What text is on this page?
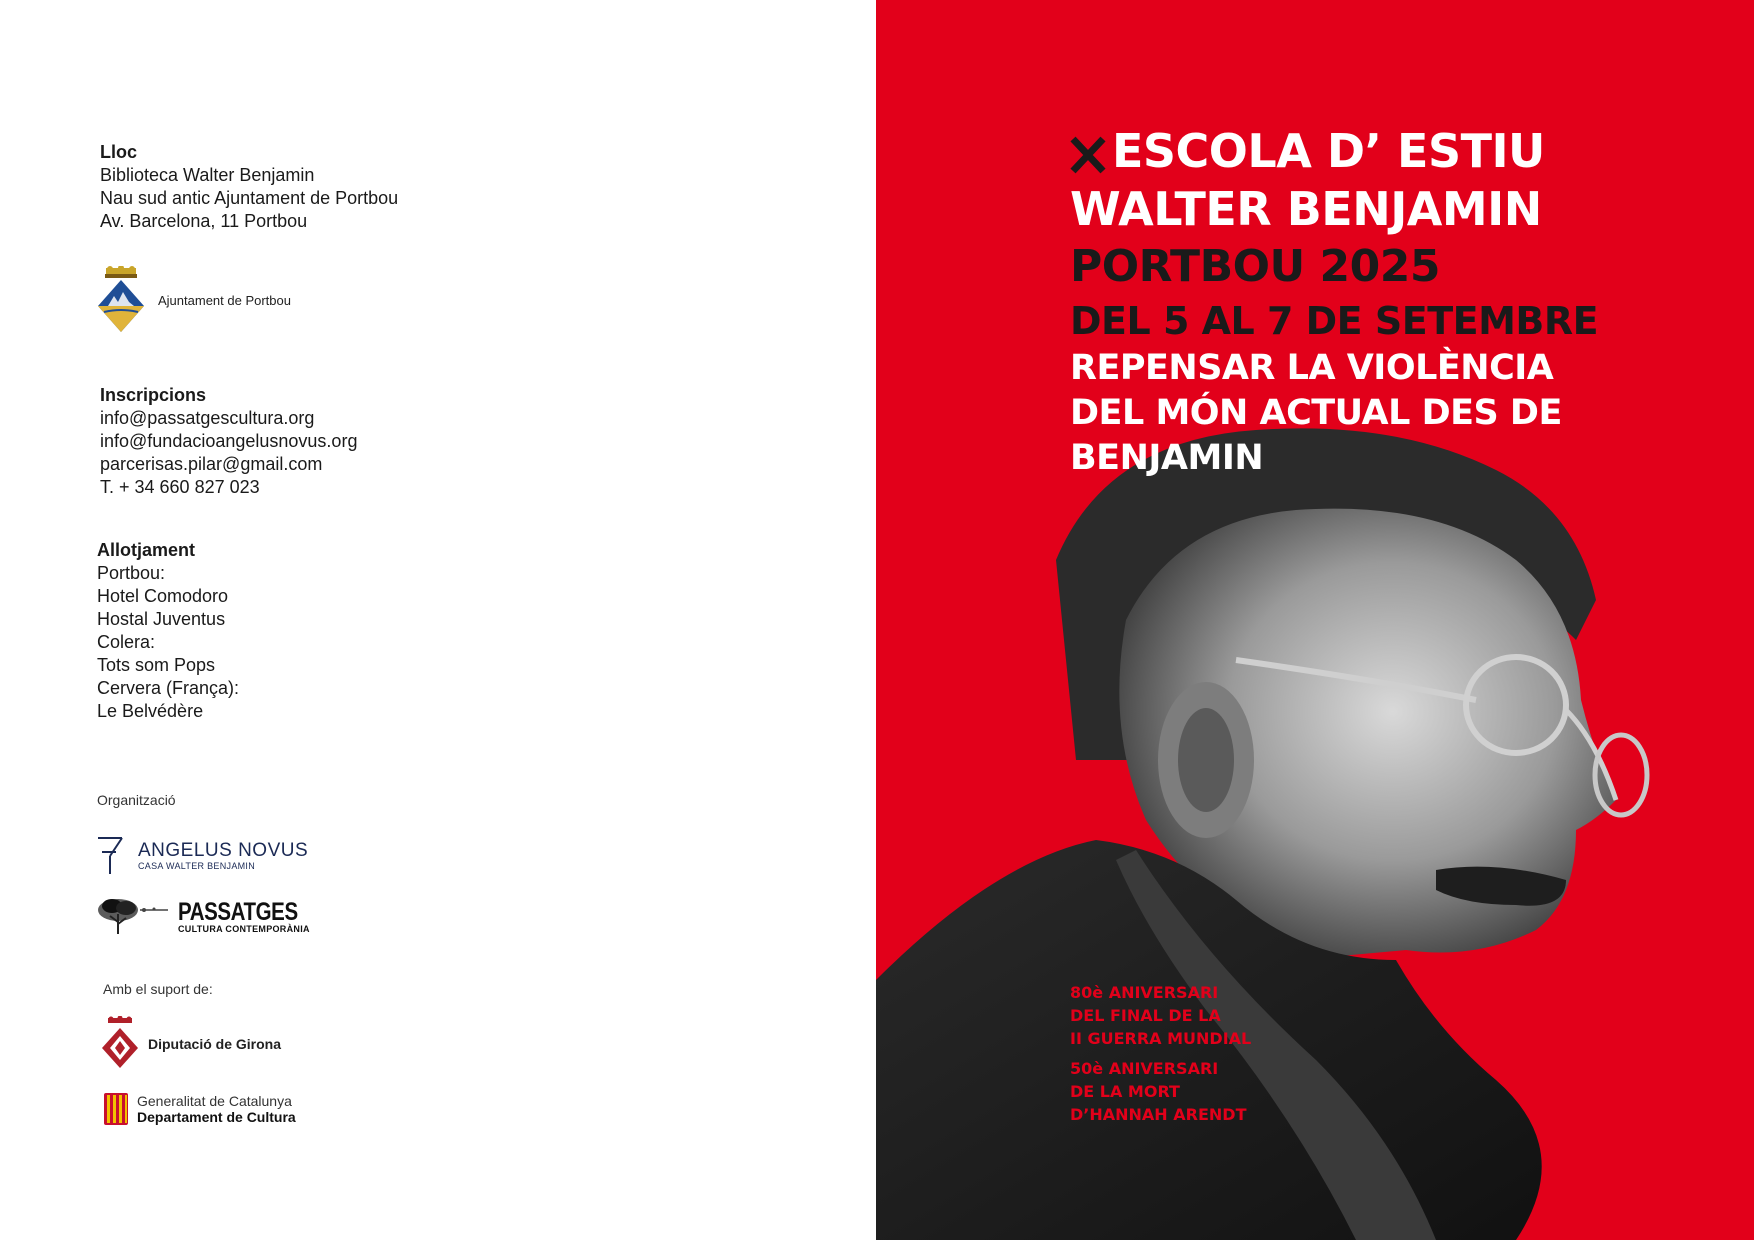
Lloc
Biblioteca Walter Benjamin
Nau sud antic Ajuntament de Portbou
Av. Barcelona, 11 Portbou
Ajuntament de Portbou
Inscripcions
info@passatgescultura.org
info@fundacioangelusnovus.org
parcerisas.pilar@gmail.com
T. + 34 660 827 023
Allotjament
Portbou:
Hotel Comodoro
Hostal Juventus
Colera:
Tots som Pops
Cervera (França):
Le Belvédère
Organització
ANGELUS NOVUS
CASA WALTER BENJAMIN
PASSATGES
CULTURA CONTEMPORÀNIA
Amb el suport de:
Diputació de Girona
Generalitat de Catalunya
Departament de Cultura
ESCOLA D’ ESTIU
WALTER BENJAMIN
PORTBOU 2025
DEL 5 AL 7 DE SETEMBRE
REPENSAR LA VIOLÈNCIA
DEL MÓN ACTUAL DES DE
BENJAMIN
80è ANIVERSARI
DEL FINAL DE LA
II GUERRA MUNDIAL
50è ANIVERSARI
DE LA MORT
D’HANNAH ARENDT
